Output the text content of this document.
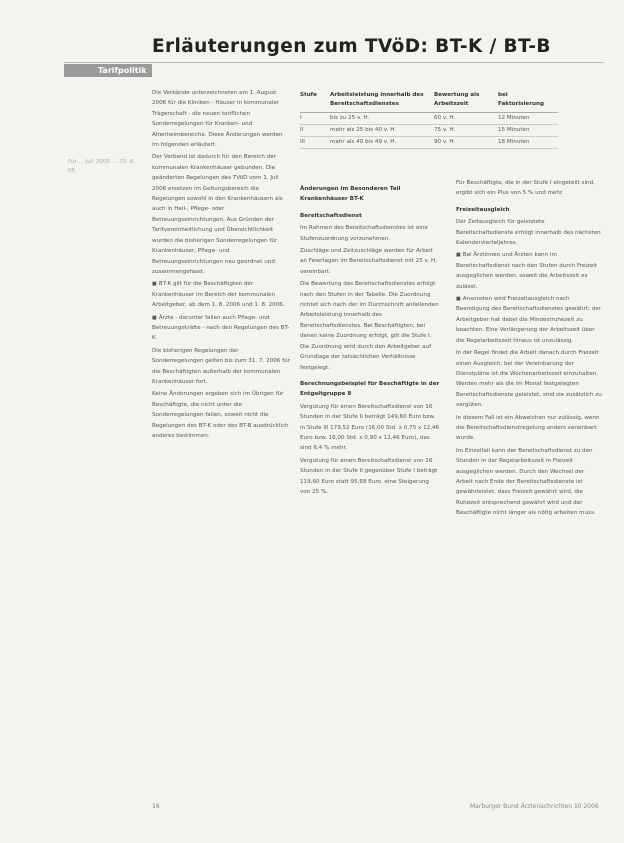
Erläuterungen zum TVöD: BT-K / BT-B
Tarifpolitik
Für ... Juli 2005 ... 23. 8. 05

Die Verbände unterzeichneten am 1. August 2006 für die Kliniken - Häuser in kommunaler Trägerschaft - die neuen tariflichen Sonderregelungen für Kranken- und Altenheimbereiche. Diese Änderungen werden im folgenden erläutert.

Der Verband ist dadurch für den Bereich der kommunalen Krankenhäuser gebunden. Die geänderten Regelungen des TVöD vom 1. Juli 2006 ersetzen im Geltungsbereich die Regelungen sowohl in den Krankenhäusern als auch in Heil-, Pflege- oder Betreuungseinrichtungen. Aus Gründen der Tarifvereinheitlichung und Übersichtlichkeit wurden die bisherigen Sonderregelungen für Krankenhäuser, Pflege- und Betreuungseinrichtungen neu geordnet und zusammengefasst.

■ BT-K gilt für die Beschäftigten der Krankenhäuser im Bereich der kommunalen Arbeitgeber, ab dem 1. 8. 2006 und 1. 8. 2006.

■ Ärzte - darunter fallen auch Pflege- und Betreuungskräfte - nach den Regelungen des BT-K.

Die bisherigen Regelungen der Sonderregelungen gelten bis zum 31. 7. 2006 für die Beschäftigten außerhalb der kommunalen Krankenhäuser fort.

Keine Änderungen ergeben sich im Übrigen für Beschäftigte, die nicht unter die Sonderregelungen fallen, soweit nicht die Regelungen des BT-K oder des BT-B ausdrücklich anderes bestimmen.

Stufe	Arbeitsleistung innerhalb des Bereitschaftsdienstes	Bewertung als Arbeitszeit	bei Faktorisierung
I	bis zu 25 v. H.	60 v. H.	12 Minuten
II	mehr als 25 bis 40 v. H.	75 v. H.	15 Minuten
III	mehr als 40 bis 49 v. H.	90 v. H.	18 Minuten

Änderungen im Besonderen Teil Krankenhäuser BT-K

Bereitschaftsdienst

Im Rahmen des Bereitschaftsdienstes ist eine Stufenzuordnung vorzunehmen.

Zuschläge und Zeitzuschläge werden für Arbeit an Feiertagen im Bereitschaftsdienst mit 25 v. H. vereinbart.

Die Bewertung des Bereitschaftsdienstes erfolgt nach den Stufen in der Tabelle. Die Zuordnung richtet sich nach der im Durchschnitt anfallenden Arbeitsleistung innerhalb des Bereitschaftsdienstes. Bei Beschäftigten, bei denen keine Zuordnung erfolgt, gilt die Stufe I. Die Zuordnung wird durch den Arbeitgeber auf Grundlage der tatsächlichen Verhältnisse festgelegt.

Berechnungsbeispiel für Beschäftigte in der Entgeltgruppe 8

Vergütung für einen Bereitschaftsdienst von 16 Stunden in der Stufe II beträgt 149,60 Euro bzw. in Stufe III 179,52 Euro (16,00 Std. x 0,75 x 12,46 Euro bzw. 16,00 Std. x 0,90 x 12,46 Euro), das sind 6,4 % mehr.

Vergütung für einen Bereitschaftsdienst von 16 Stunden in der Stufe II gegenüber Stufe I beträgt 119,60 Euro statt 95,68 Euro, eine Steigerung von 25 %.

Für Beschäftigte, die in der Stufe I eingeteilt sind, ergibt sich ein Plus von 5 % und mehr.

Freizeitausgleich

Der Zeitausgleich für geleistete Bereitschaftsdienste erfolgt innerhalb des nächsten Kalendervierteljahres.

■ Bei Ärztinnen und Ärzten kann im Bereitschaftsdienst nach den Stufen durch Freizeit ausgeglichen werden, soweit die Arbeitszeit es zulässt.

■ Ansonsten wird Freizeitausgleich nach Beendigung des Bereitschaftsdienstes gewährt; der Arbeitgeber hat dabei die Mindestruhezeit zu beachten. Eine Verlängerung der Arbeitszeit über die Regelarbeitszeit hinaus ist unzulässig.

In der Regel findet die Arbeit danach durch Freizeit einen Ausgleich; bei der Vereinbarung der Dienstpläne ist die Wochenarbeitszeit einzuhalten. Werden mehr als die im Monat festgelegten Bereitschaftsdienste geleistet, sind sie zusätzlich zu vergüten.

In diesem Fall ist ein Abweichen nur zulässig, wenn die Bereitschaftsdienstregelung anders vereinbart wurde.

Im Einzelfall kann der Bereitschaftsdienst zu den Stunden in der Regelarbeitszeit in Freizeit ausgeglichen werden. Durch den Wechsel der Arbeit nach Ende der Bereitschaftsdienste ist gewährleistet, dass Freizeit gewährt wird, die Ruhezeit entsprechend gewährt wird und der Beschäftigte nicht länger als nötig arbeiten muss.

16	Marburger Bund Ärztenachrichten 10 2006
